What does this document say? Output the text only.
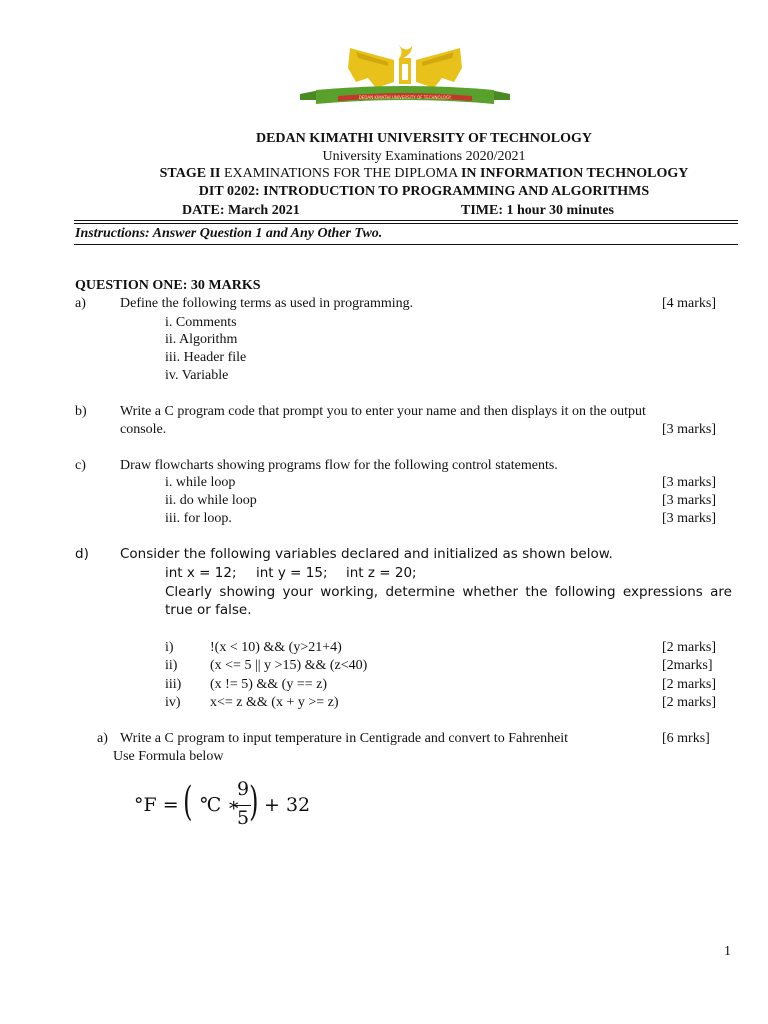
DEDAN KIMATHI UNIVERSITY OF TECHNOLOGY
DEDAN KIMATHI UNIVERSITY OF TECHNOLOGY
University Examinations 2020/2021
STAGE II EXAMINATIONS FOR THE DIPLOMA IN INFORMATION TECHNOLOGY
DIT 0202: INTRODUCTION TO PROGRAMMING AND ALGORITHMS
DATE: March 2021	TIME: 1 hour 30 minutes
Instructions: Answer Question 1 and Any Other Two.
QUESTION ONE: 30 MARKS
a) Define the following terms as used in programming.	[4 marks]
i. Comments
ii. Algorithm
iii. Header file
iv. Variable
b) Write a C program code that prompt you to enter your name and then displays it on the output
console.	[3 marks]
c) Draw flowcharts showing programs flow for the following control statements.
i. while loop	[3 marks]
ii. do while loop	[3 marks]
iii. for loop.	[3 marks]
d) Consider the following variables declared and initialized as shown below.
int x = 12; int y = 15; int z = 20;
Clearly showing your working, determine whether the following expressions are
true or false.
i)	!(x < 10) && (y>21+4)	[2 marks]
ii) (x <= 5 || y >15) && (z<40)	[2marks]
iii) (x != 5) && (y == z)	[2 marks]
iv) x<= z && (x + y >= z)	[2 marks]
a) Write a C program to input temperature in Centigrade and convert to Fahrenheit	[6 mrks]
Use Formula below
°F = ( ℃ ∗
9
5 ) + 32
1
